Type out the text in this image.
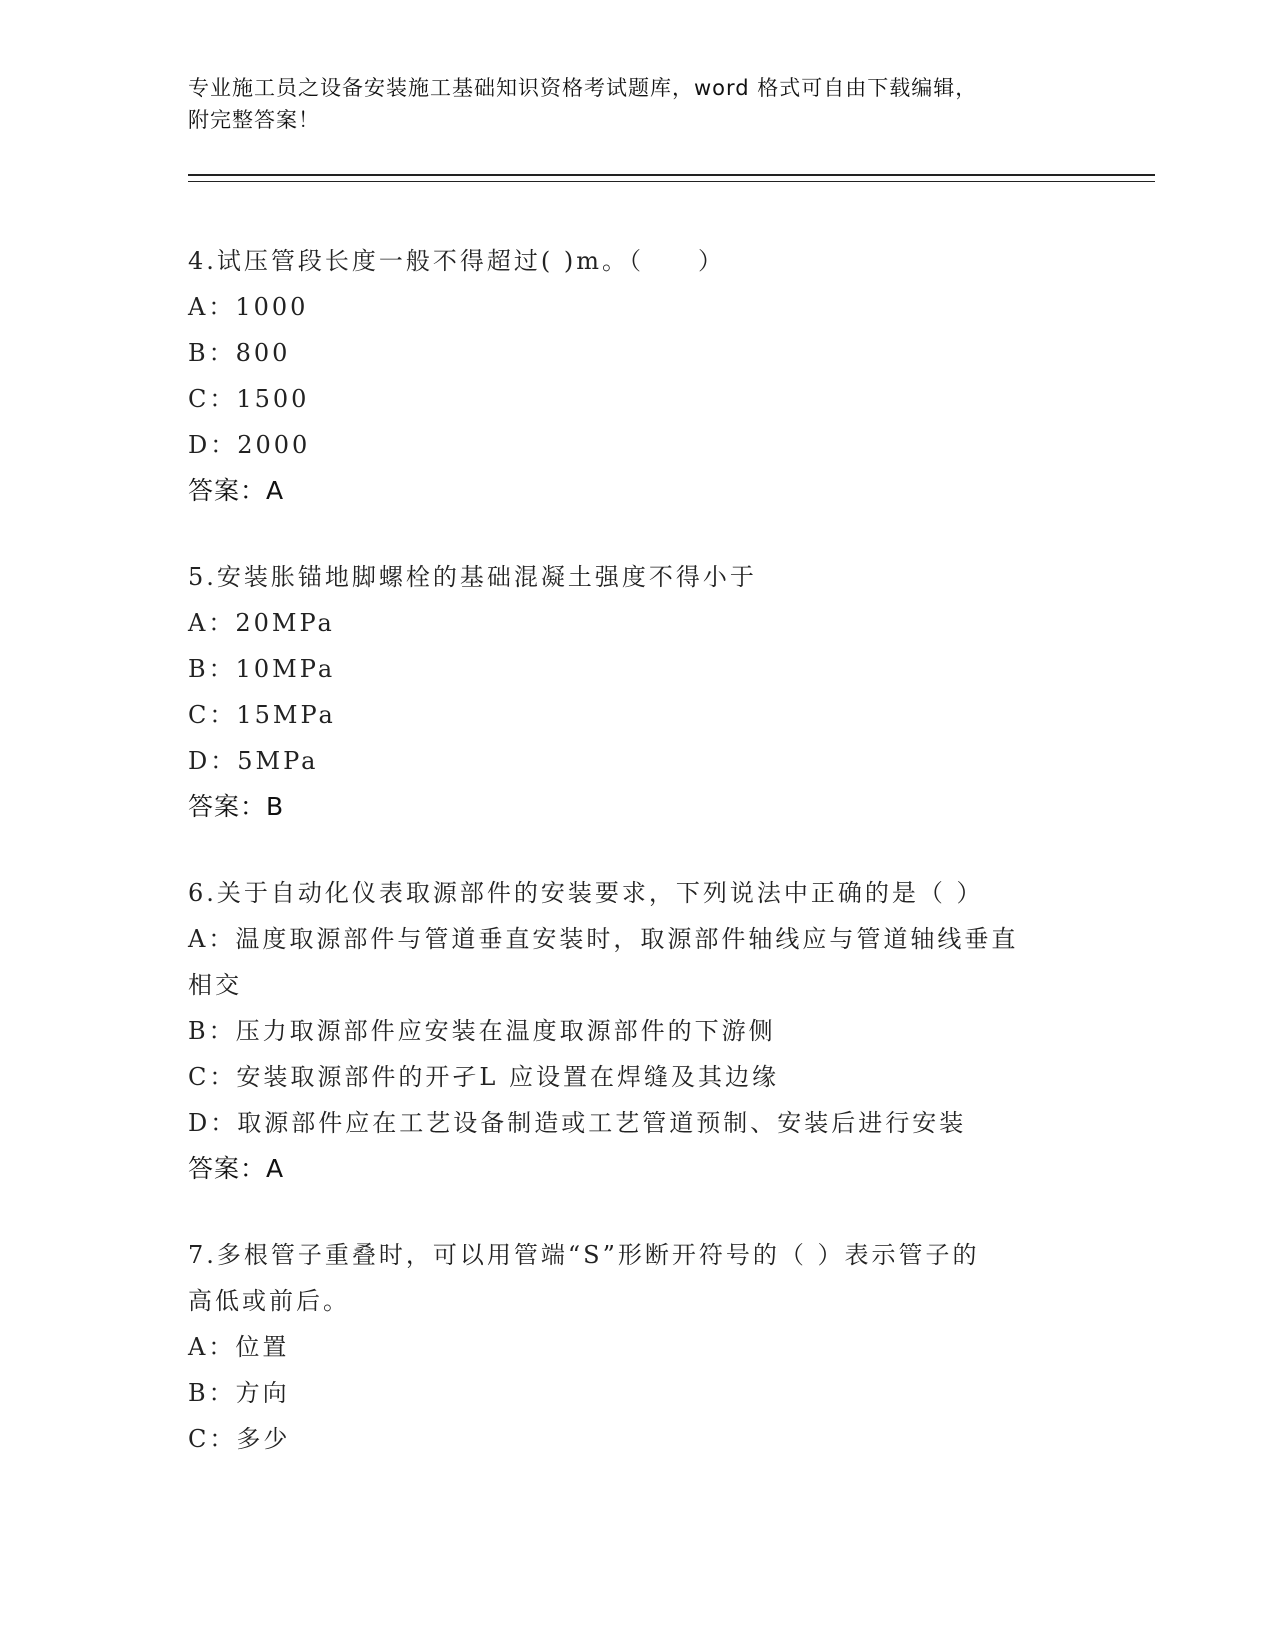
专业施工员之设备安装施工基础知识资格考试题库，word 格式可自由下载编辑，
附完整答案！
4.试压管段长度一般不得超过( )m。（　　）
A：1000
B：800
C：1500
D：2000
答案：A
5.安装胀锚地脚螺栓的基础混凝土强度不得小于
A：20MPa
B：10MPa
C：15MPa
D：5MPa
答案：B
6.关于自动化仪表取源部件的安装要求，下列说法中正确的是（ ）
A：温度取源部件与管道垂直安装时，取源部件轴线应与管道轴线垂直
相交
B：压力取源部件应安装在温度取源部件的下游侧
C：安装取源部件的开孑L 应设置在焊缝及其边缘
D：取源部件应在工艺设备制造或工艺管道预制、安装后进行安装
答案：A
7.多根管子重叠时，可以用管端“S”形断开符号的（ ）表示管子的
高低或前后。
A：位置
B：方向
C：多少
